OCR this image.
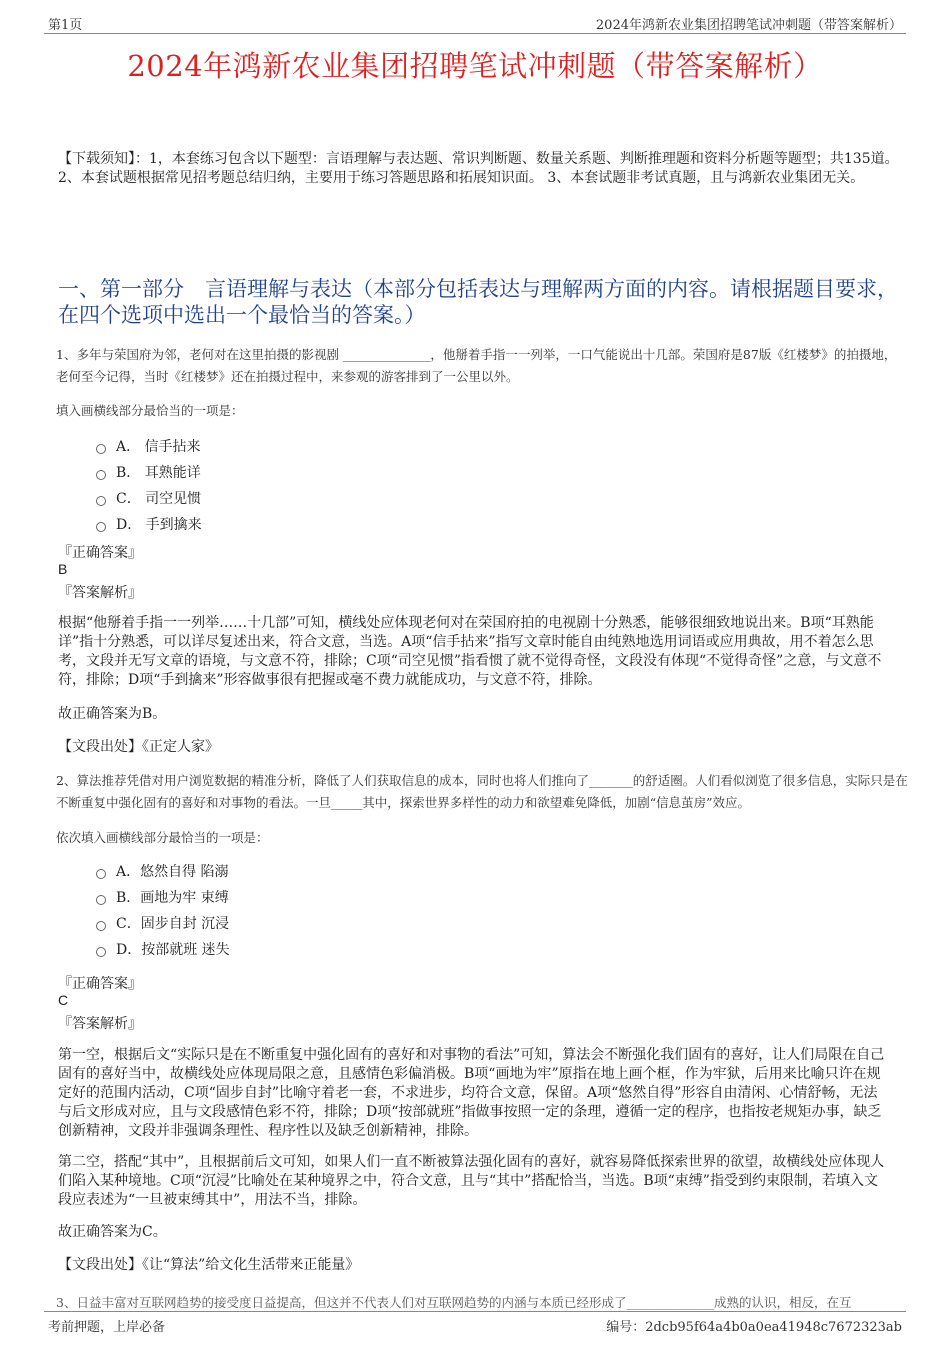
第1页	2024年鸿新农业集团招聘笔试冲刺题（带答案解析）
2024年鸿新农业集团招聘笔试冲刺题（带答案解析）
【下载须知】：1，本套练习包含以下题型：言语理解与表达题、常识判断题、数量关系题、判断推理题和资料分析题等题型；共135道。 2、本套试题根据常见招考题总结归纳，主要用于练习答题思路和拓展知识面。 3、本套试题非考试真题，且与鸿新农业集团无关。
一、第一部分　言语理解与表达（本部分包括表达与理解两方面的内容。请根据题目要求，在四个选项中选出一个最恰当的答案。）
1、多年与荣国府为邻，老何对在这里拍摄的影视剧 ______________，他掰着手指一一列举，一口气能说出十几部。荣国府是87版《红楼梦》的拍摄地，老何至今记得，当时《红楼梦》还在拍摄过程中，来参观的游客排到了一公里以外。
填入画横线部分最恰当的一项是：
A． 信手拈来
B． 耳熟能详
C． 司空见惯
D． 手到擒来
『正确答案』
B
『答案解析』
根据“他掰着手指一一列举……十几部”可知，横线处应体现老何对在荣国府拍的电视剧十分熟悉，能够很细致地说出来。B项“耳熟能详”指十分熟悉，可以详尽复述出来，符合文意，当选。A项“信手拈来”指写文章时能自由纯熟地选用词语或应用典故，用不着怎么思考，文段并无写文章的语境，与文意不符，排除；C项“司空见惯”指看惯了就不觉得奇怪，文段没有体现“不觉得奇怪”之意，与文意不符，排除；D项“手到擒来”形容做事很有把握或毫不费力就能成功，与文意不符，排除。
故正确答案为B。
【文段出处】《正定人家》
2、算法推荐凭借对用户浏览数据的精准分析，降低了人们获取信息的成本，同时也将人们推向了_______的舒适圈。人们看似浏览了很多信息，实际只是在不断重复中强化固有的喜好和对事物的看法。一旦_____其中，探索世界多样性的动力和欲望难免降低，加剧“信息茧房”效应。
依次填入画横线部分最恰当的一项是：
A．悠然自得 陷溺
B．画地为牢 束缚
C．固步自封 沉浸
D．按部就班 迷失
『正确答案』
C
『答案解析』
第一空，根据后文“实际只是在不断重复中强化固有的喜好和对事物的看法”可知，算法会不断强化我们固有的喜好，让人们局限在自己固有的喜好当中，故横线处应体现局限之意，且感情色彩偏消极。B项“画地为牢”原指在地上画个框，作为牢狱，后用来比喻只许在规定好的范围内活动，C项“固步自封”比喻守着老一套，不求进步，均符合文意，保留。A项“悠然自得”形容自由清闲、心情舒畅，无法与后文形成对应，且与文段感情色彩不符，排除；D项“按部就班”指做事按照一定的条理，遵循一定的程序，也指按老规矩办事，缺乏创新精神，文段并非强调条理性、程序性以及缺乏创新精神，排除。
第二空，搭配“其中”，且根据前后文可知，如果人们一直不断被算法强化固有的喜好，就容易降低探索世界的欲望，故横线处应体现人们陷入某种境地。C项“沉浸”比喻处在某种境界之中，符合文意，且与“其中”搭配恰当，当选。B项“束缚”指受到约束限制，若填入文段应表述为“一旦被束缚其中”，用法不当，排除。
故正确答案为C。
【文段出处】《让“算法”给文化生活带来正能量》
3、日益丰富对互联网趋势的接受度日益提高，但这并不代表人们对互联网趋势的内涵与本质已经形成了______________成熟的认识，相反，在互
考前押题，上岸必备	编号：2dcb95f64a4b0a0ea41948c7672323ab
